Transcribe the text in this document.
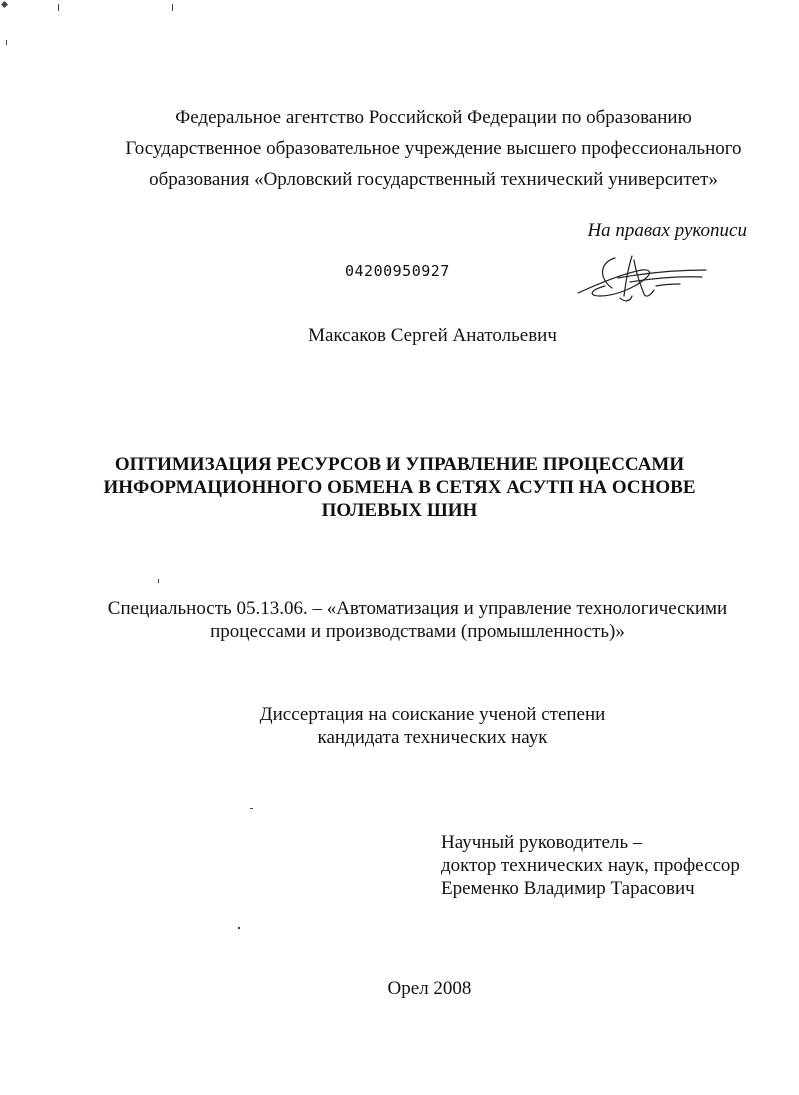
Федеральное агентство Российской Федерации по образованию
Государственное образовательное учреждение высшего профессионального
образования «Орловский государственный технический университет»
На правах рукописи
04200950927
Максаков Сергей Анатольевич
ОПТИМИЗАЦИЯ РЕСУРСОВ И УПРАВЛЕНИЕ ПРОЦЕССАМИ
ИНФОРМАЦИОННОГО ОБМЕНА В СЕТЯХ АСУТП НА ОСНОВЕ
ПОЛЕВЫХ ШИН
Специальность 05.13.06. – «Автоматизация и управление технологическими
процессами и производствами (промышленность)»
Диссертация на соискание ученой степени
кандидата технических наук
Научный руководитель –
доктор технических наук, профессор
Еременко Владимир Тарасович
Орел 2008
